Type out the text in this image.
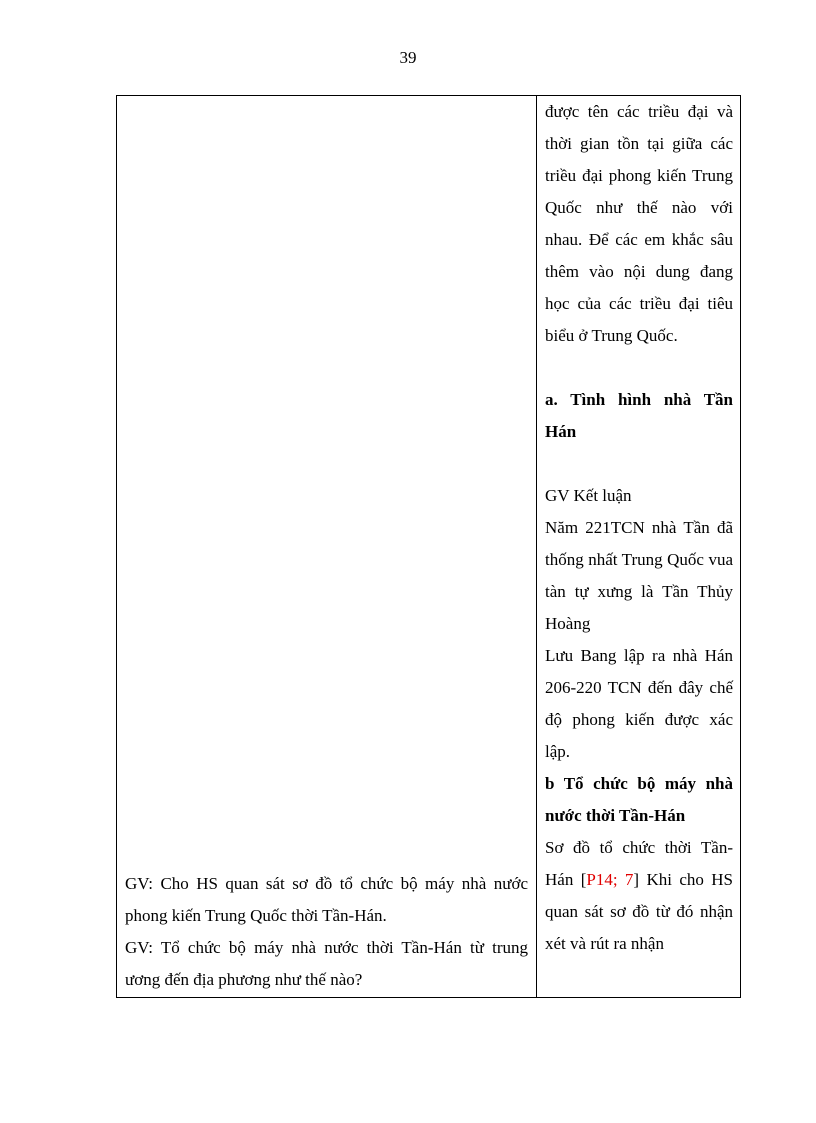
39

GV: Cho HS quan sát sơ đồ tổ chức bộ máy nhà nước phong kiến Trung Quốc thời Tần-Hán.
GV: Tổ chức bộ máy nhà nước thời Tần-Hán từ trung ương đến địa phương như thế nào?

được tên các triều đại và thời gian tồn tại giữa các triều đại phong kiến Trung Quốc như thế nào với nhau. Để các em khắc sâu thêm vào nội dung đang học của các triều đại tiêu biểu ở Trung Quốc.
a. Tình hình nhà Tần Hán
GV Kết luận
Năm 221TCN nhà Tần đã thống nhất Trung Quốc vua tàn tự xưng là Tần Thủy Hoàng
Lưu Bang lập ra nhà Hán 206-220 TCN đến đây chế độ phong kiến được xác lập.
b Tổ chức bộ máy nhà nước thời Tần-Hán
Sơ đồ tổ chức thời Tần-Hán [P14; 7] Khi cho HS quan sát sơ đồ từ đó nhận xét và rút ra nhận
